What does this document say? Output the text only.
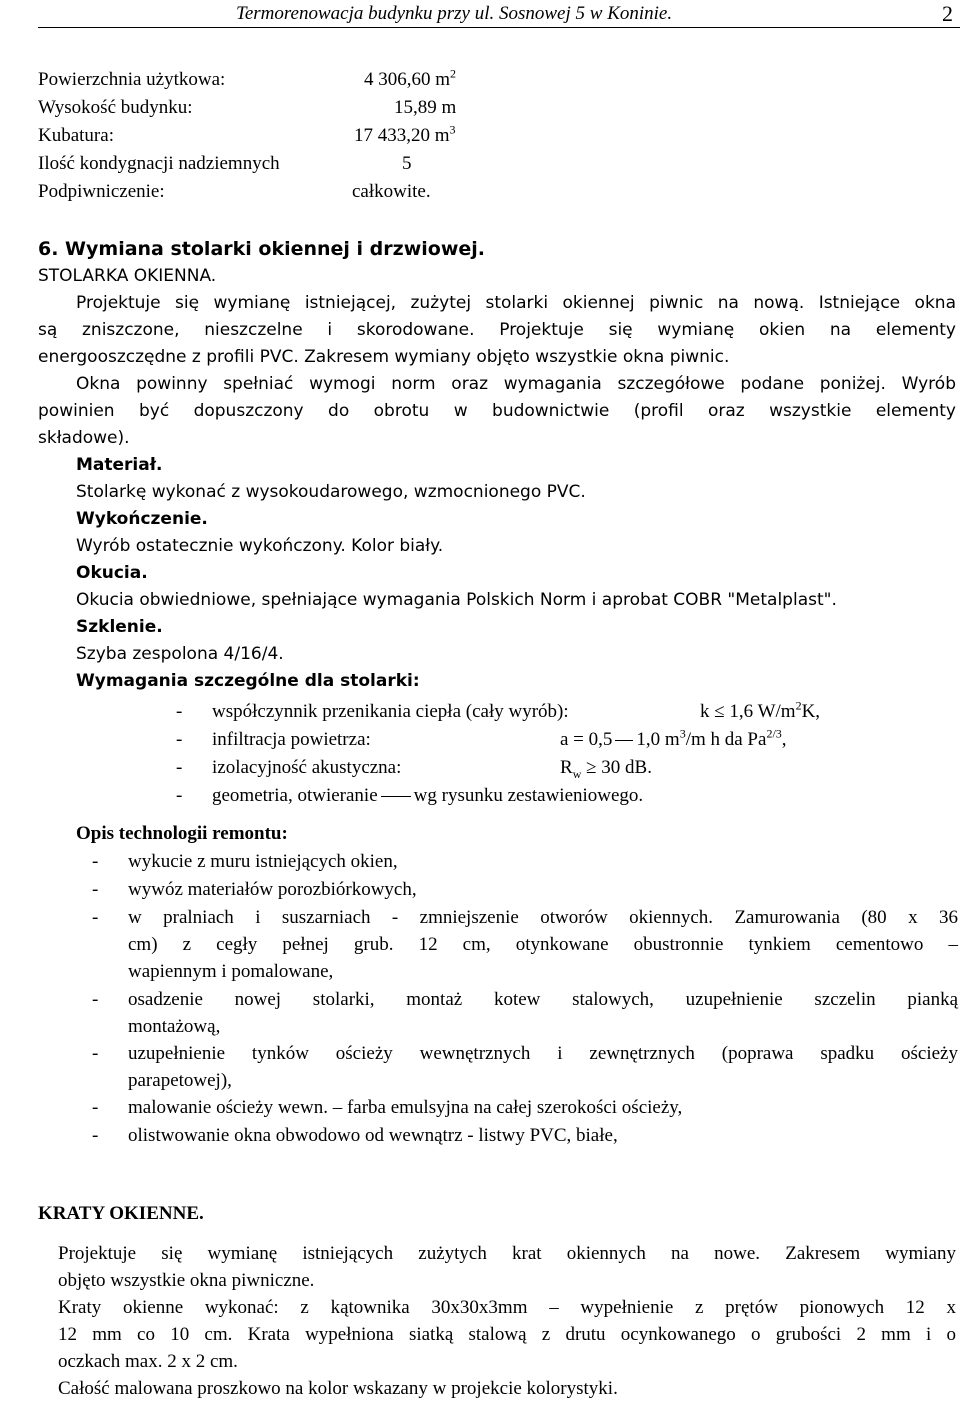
Termorenowacja budynku przy ul. Sosnowej 5 w Koninie.	2
Powierzchnia użytkowa:	4 306,60 $m^2$
Wysokość budynku:	15,89 m
Kubatura:	17 433,20 $m^3$
Ilość kondygnacji nadziemnych	5
Podpiwniczenie:	całkowite.
6. Wymiana stolarki okiennej i drzwiowej.
STOLARKA OKIENNA.
Projektuje się wymianę istniejącej, zużytej stolarki okiennej piwnic na nową. Istniejące okna
są zniszczone, nieszczelne i skorodowane. Projektuje się wymianę okien na elementy
energooszczędne z profili PVC. Zakresem wymiany objęto wszystkie okna piwnic.
Okna powinny spełniać wymogi norm oraz wymagania szczegółowe podane poniżej. Wyrób
powinien być dopuszczony do obrotu w budownictwie (profil oraz wszystkie elementy
składowe).
Materiał.
Stolarkę wykonać z wysokoudarowego, wzmocnionego PVC.
Wykończenie.
Wyrób ostatecznie wykończony. Kolor biały.
Okucia.
Okucia obwiedniowe, spełniające wymagania Polskich Norm i aprobat COBR "Metalplast".
Szklenie.
Szyba zespolona 4/16/4.
Wymagania szczególne dla stolarki:
- współczynnik przenikania ciepła (cały wyrób):	k ≤ 1,6 $W/m^2K$,
- infiltracja powietrza:	a = 0,5 1,0 $m^3/m$ h da $Pa^{2/3}$,
- izolacyjność akustyczna:	$R_w \ge 30$ dB.
- geometria, otwieranie wg rysunku zestawieniowego.
Opis technologii remontu:
- wykucie z muru istniejących okien,
- wywóz materiałów porozbiórkowych,
- w pralniach i suszarniach - zmniejszenie otworów okiennych. Zamurowania (80 x 36
cm) z cegły pełnej grub. 12 cm, otynkowane obustronnie tynkiem cementowo –
wapiennym i pomalowane,
- osadzenie nowej stolarki, montaż kotew stalowych, uzupełnienie szczelin pianką
montażową,
- uzupełnienie tynków ościeży wewnętrznych i zewnętrznych (poprawa spadku ościeży
parapetowej),
- malowanie ościeży wewn. – farba emulsyjna na całej szerokości ościeży,
- olistwowanie okna obwodowo od wewnątrz - listwy PVC, białe,
KRATY OKIENNE.
Projektuje się wymianę istniejących zużytych krat okiennych na nowe. Zakresem wymiany
objęto wszystkie okna piwniczne.
Kraty okienne wykonać: z kątownika 30x30x3mm – wypełnienie z prętów pionowych 12 x
12 mm co 10 cm. Krata wypełniona siatką stalową z drutu ocynkowanego o grubości 2 mm i o
oczkach max. 2 x 2 cm.
Całość malowana proszkowo na kolor wskazany w projekcie kolorystyki.
